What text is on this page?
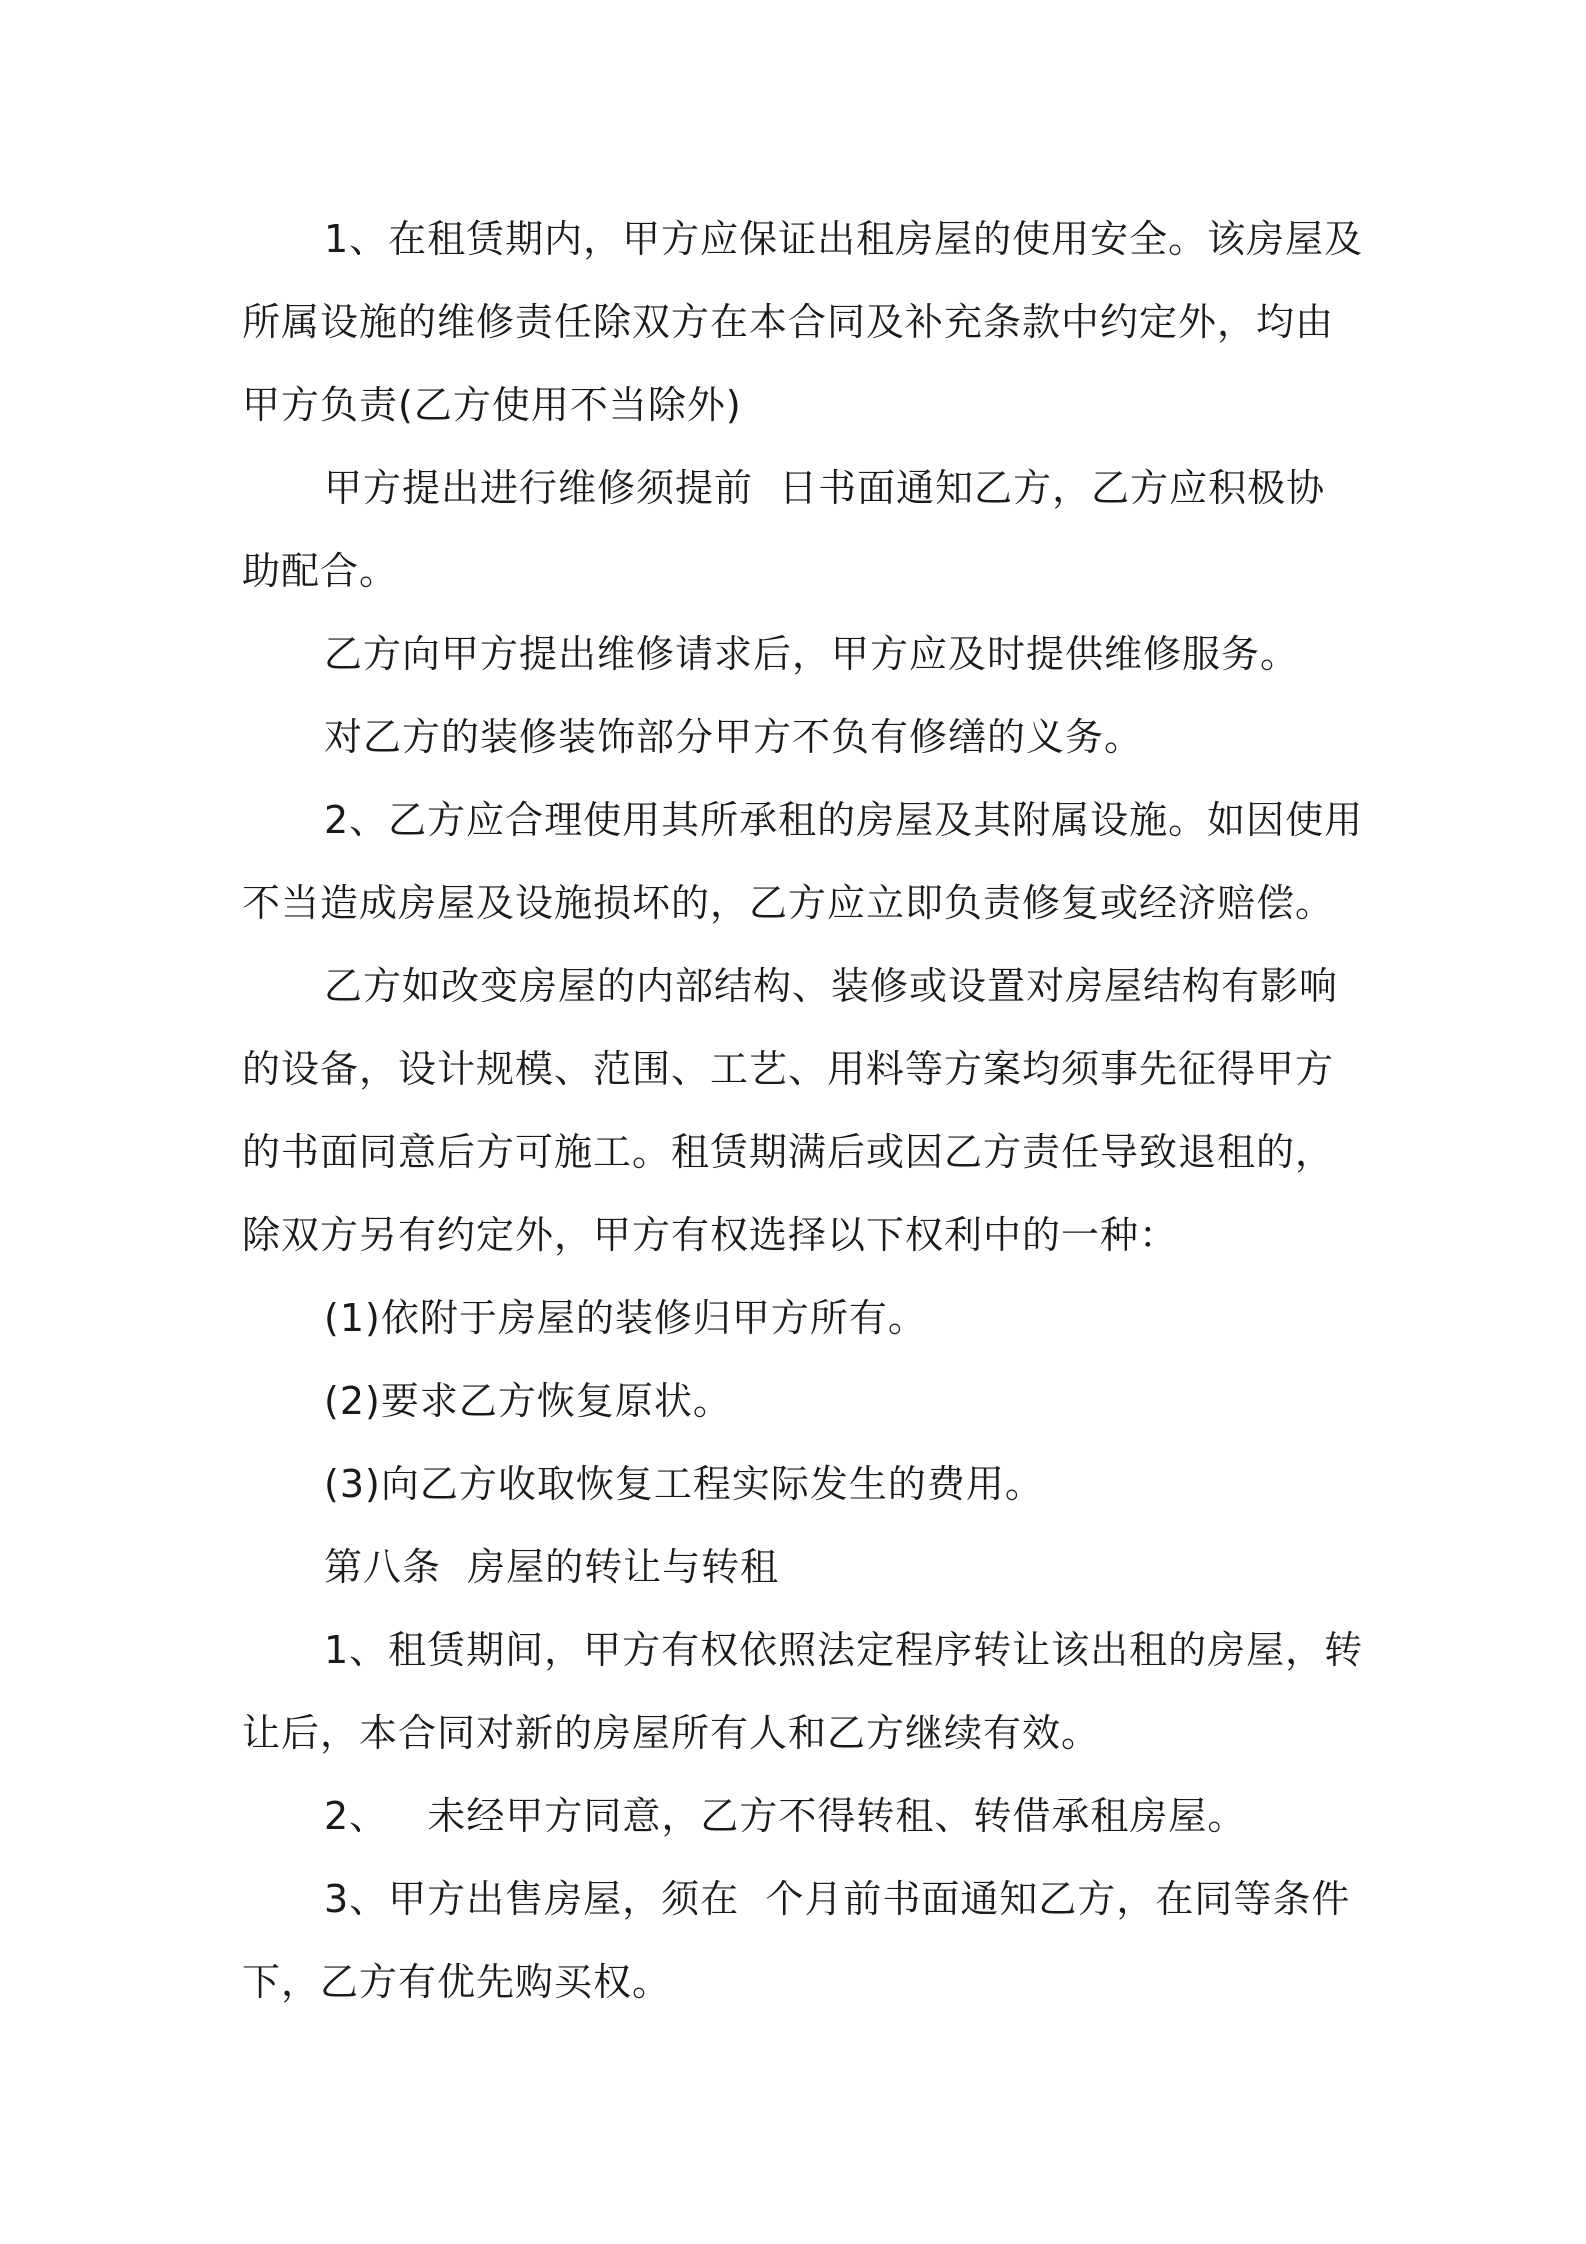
1、在租赁期内，甲方应保证出租房屋的使用安全。该房屋及所属设施的维修责任除双方在本合同及补充条款中约定外，均由甲方负责(乙方使用不当除外)

甲方提出进行维修须提前  日书面通知乙方，乙方应积极协助配合。

乙方向甲方提出维修请求后，甲方应及时提供维修服务。

对乙方的装修装饰部分甲方不负有修缮的义务。

2、乙方应合理使用其所承租的房屋及其附属设施。如因使用不当造成房屋及设施损坏的，乙方应立即负责修复或经济赔偿。

乙方如改变房屋的内部结构、装修或设置对房屋结构有影响的设备，设计规模、范围、工艺、用料等方案均须事先征得甲方的书面同意后方可施工。租赁期满后或因乙方责任导致退租的，除双方另有约定外，甲方有权选择以下权利中的一种：

(1)依附于房屋的装修归甲方所有。

(2)要求乙方恢复原状。

(3)向乙方收取恢复工程实际发生的费用。

第八条  房屋的转让与转租

1、租赁期间，甲方有权依照法定程序转让该出租的房屋，转让后，本合同对新的房屋所有人和乙方继续有效。

2、   未经甲方同意，乙方不得转租、转借承租房屋。

3、甲方出售房屋，须在  个月前书面通知乙方，在同等条件下，乙方有优先购买权。
